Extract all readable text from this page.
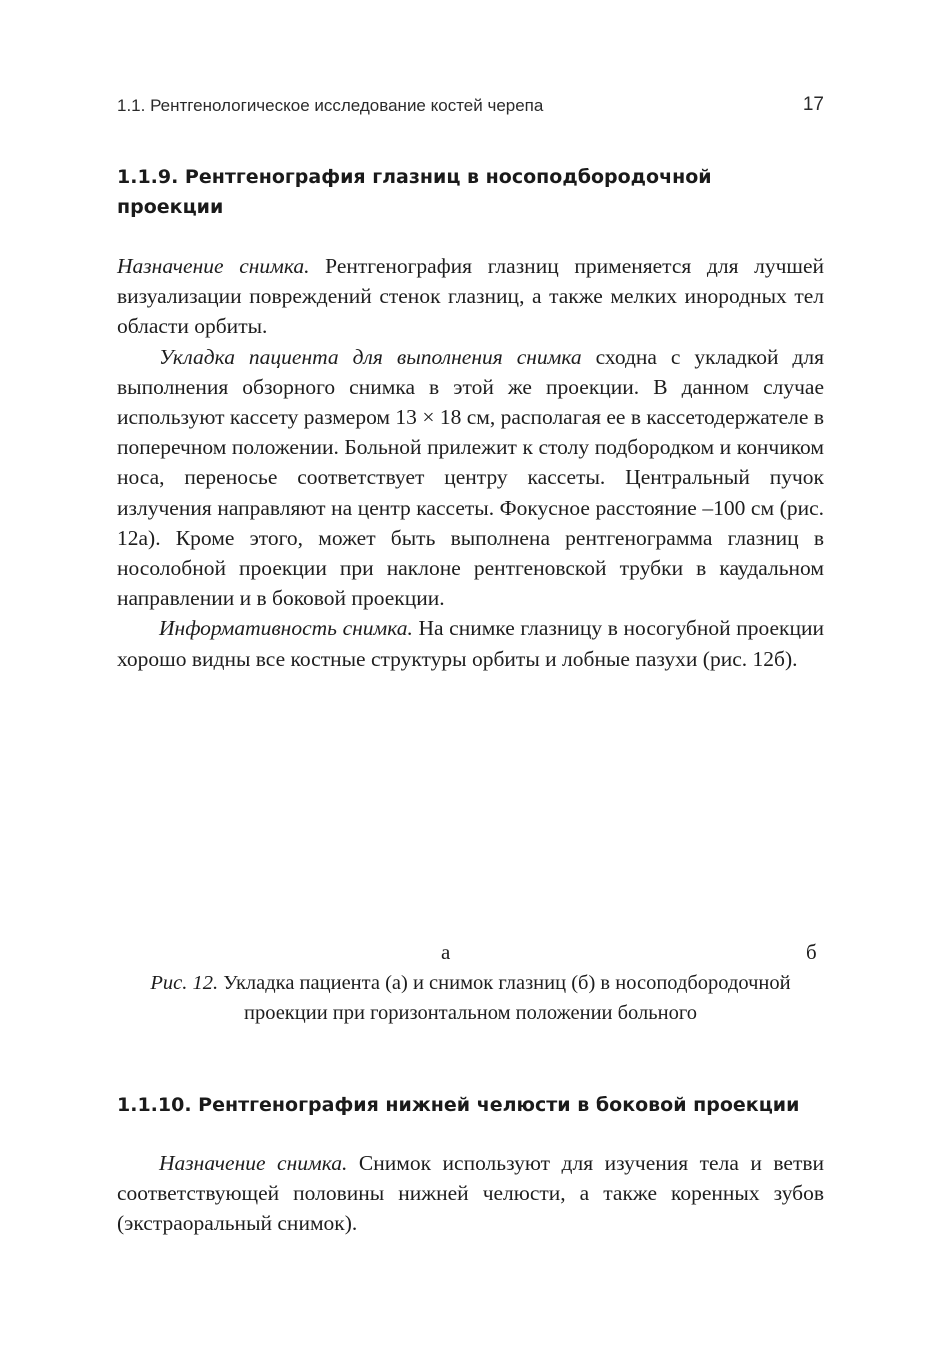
1.1. Рентгенологическое исследование костей черепа	17
1.1.9. Рентгенография глазниц в носоподбородочной
проекции

Назначение снимка. Рентгенография глазниц применяется для лучшей визуализации повреждений стенок глазниц, а также мелких инородных тел области орбиты.

Укладка пациента для выполнения снимка сходна с укладкой для выполнения обзорного снимка в этой же проекции. В данном случае используют кассету размером 13 × 18 см, располагая ее в кассетодержателе в поперечном положении. Больной прилежит к столу подбородком и кончиком носа, переносье соответствует центру кассеты. Центральный пучок излучения направляют на центр кассеты. Фокусное расстояние –100 см (рис. 12а). Кроме этого, может быть выполнена рентгенограмма глазниц в носолобной проекции при наклоне рентгеновской трубки в каудальном направлении и в боковой проекции.

Информативность снимка. На снимке глазницу в носогубной проекции хорошо видны все костные структуры орбиты и лобные пазухи (рис. 12б).

а	б

Рис. 12. Укладка пациента (а) и снимок глазниц (б) в носоподбородочной

проекции при горизонтальном положении больного

1.1.10. Рентгенография нижней челюсти в боковой проекции

Назначение снимка. Снимок используют для изучения тела и ветви соответствующей половины нижней челюсти, а также коренных зубов (экстраоральный снимок).
